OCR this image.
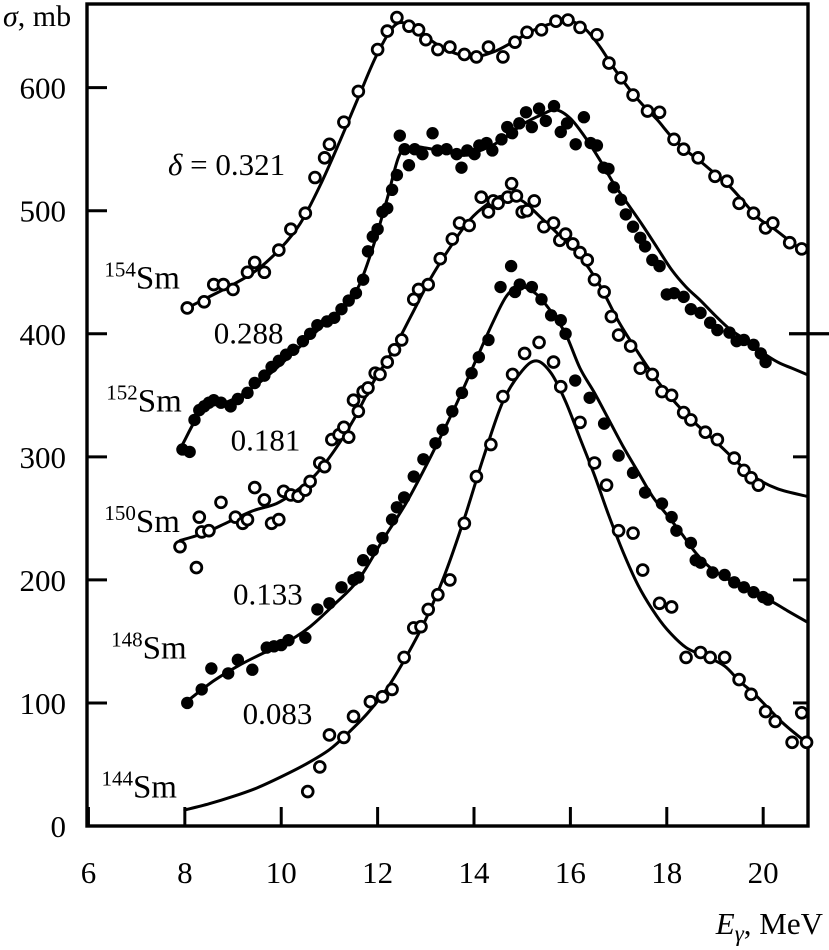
0
100
200
300
400
500
600
6	8 10 12 14 16 18 20
$^{154}$Sm
δ = 0.321
$^{152}$Sm
0.288
$^{150}$Sm
0.181
$^{148}$Sm
0.133
$^{144}$Sm
0.083
σ, mb
$E_\gamma$, MeV
